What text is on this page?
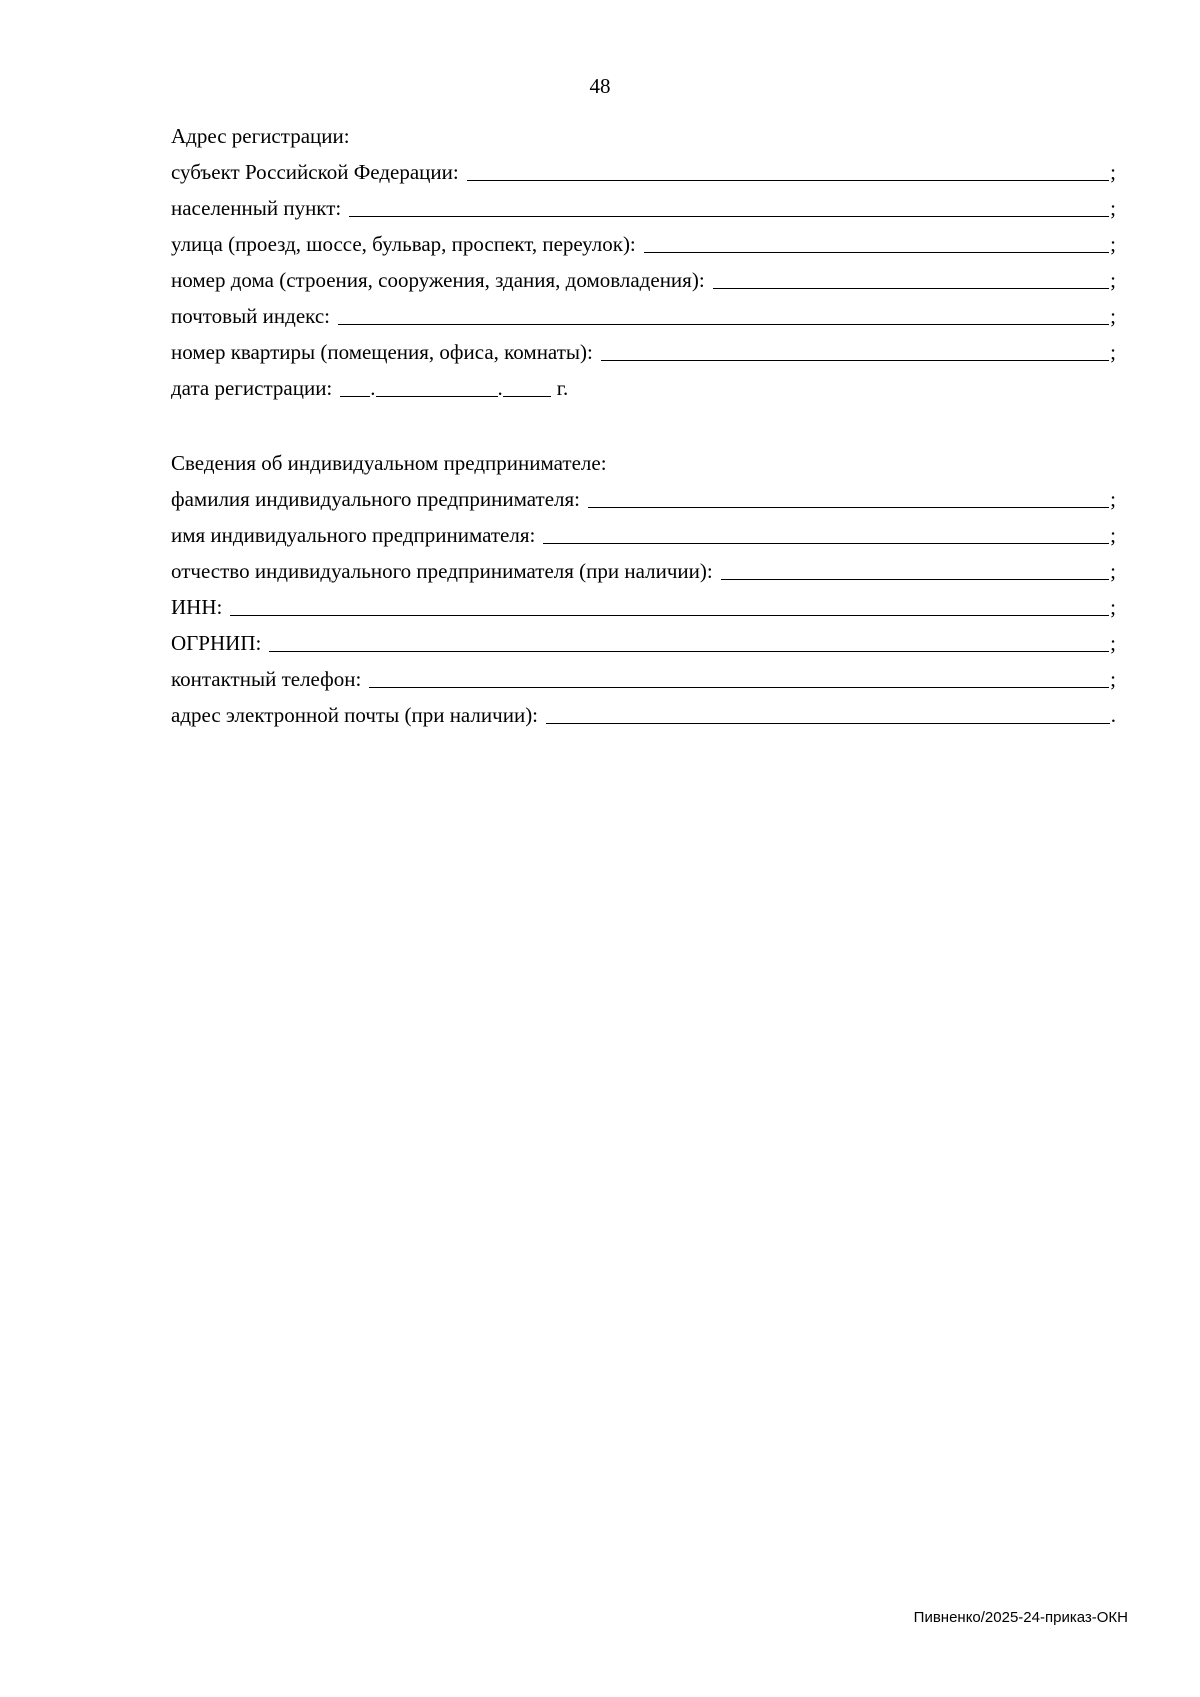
48
Адрес регистрации:
субъект Российской Федерации:	;
населенный пункт:	;
улица (проезд, шоссе, бульвар, проспект, переулок):	;
номер дома (строения, сооружения, здания, домовладения):	;
почтовый индекс:	;
номер квартиры (помещения, офиса, комнаты):	;
дата регистрации: .	.	г.
Сведения об индивидуальном предпринимателе:
фамилия индивидуального предпринимателя:	;
имя индивидуального предпринимателя:	;
отчество индивидуального предпринимателя (при наличии):	;
ИНН:	;
ОГРНИП:	;
контактный телефон:	;
адрес электронной почты (при наличии):	.
Пивненко/2025-24-приказ-ОКН
